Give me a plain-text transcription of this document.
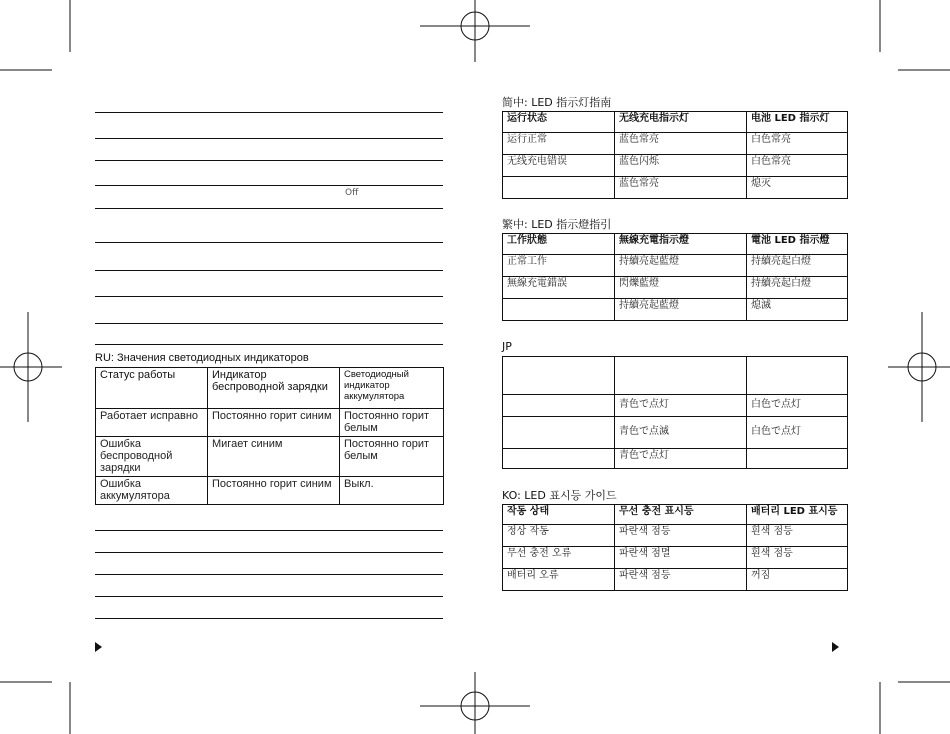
		Off

RU: Значения светодиодных индикаторов

Статус работы	Индикатор беспроводной зарядки	Светодиодный индикатор аккумулятора
Работает исправно	Постоянно горит синим	Постоянно горит белым
Ошибка беспроводной зарядки	Мигает синим	Постоянно горит белым
Ошибка аккумулятора	Постоянно горит синим	Выкл.

简中: LED 指示灯指南

运行状态	无线充电指示灯	电池 LED 指示灯
运行正常	蓝色常亮	白色常亮
无线充电错误	蓝色闪烁	白色常亮
	蓝色常亮	熄灭

繁中: LED 指示燈指引

工作狀態	無線充電指示燈	電池 LED 指示燈
正常工作	持續亮起藍燈	持續亮起白燈
無線充電錯誤	閃爍藍燈	持續亮起白燈
	持續亮起藍燈	熄滅

JP

	青色で点灯	白色で点灯
	青色で点滅	白色で点灯
	青色で点灯	

KO: LED 표시등 가이드

작동 상태	무선 충전 표시등	배터리 LED 표시등
정상 작동	파란색 점등	흰색 점등
무선 충전 오류	파란색 점멸	흰색 점등
배터리 오류	파란색 점등	꺼짐
